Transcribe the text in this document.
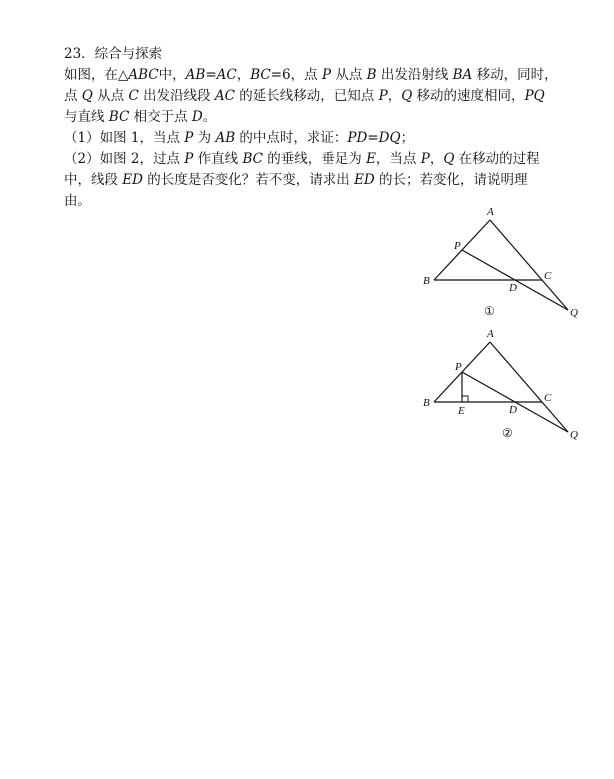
23．综合与探索
如图，在△ABC中，AB=AC，BC=6，点 P 从点 B 出发沿射线 BA 移动，同时，
点 Q 从点 C 出发沿线段 AC 的延长线移动，已知点 P，Q 移动的速度相同，PQ
与直线 BC 相交于点 D。
（1）如图 1，当点 P 为 AB 的中点时，求证：PD=DQ；
（2）如图 2，过点 P 作直线 BC 的垂线，垂足为 E，当点 P，Q 在移动的过程
中，线段 ED 的长度是否变化？若不变，请求出 ED 的长；若变化，请说明理
由。
A
B	C
P
D
Q
①
A
B	C
P
E	D
Q
②
